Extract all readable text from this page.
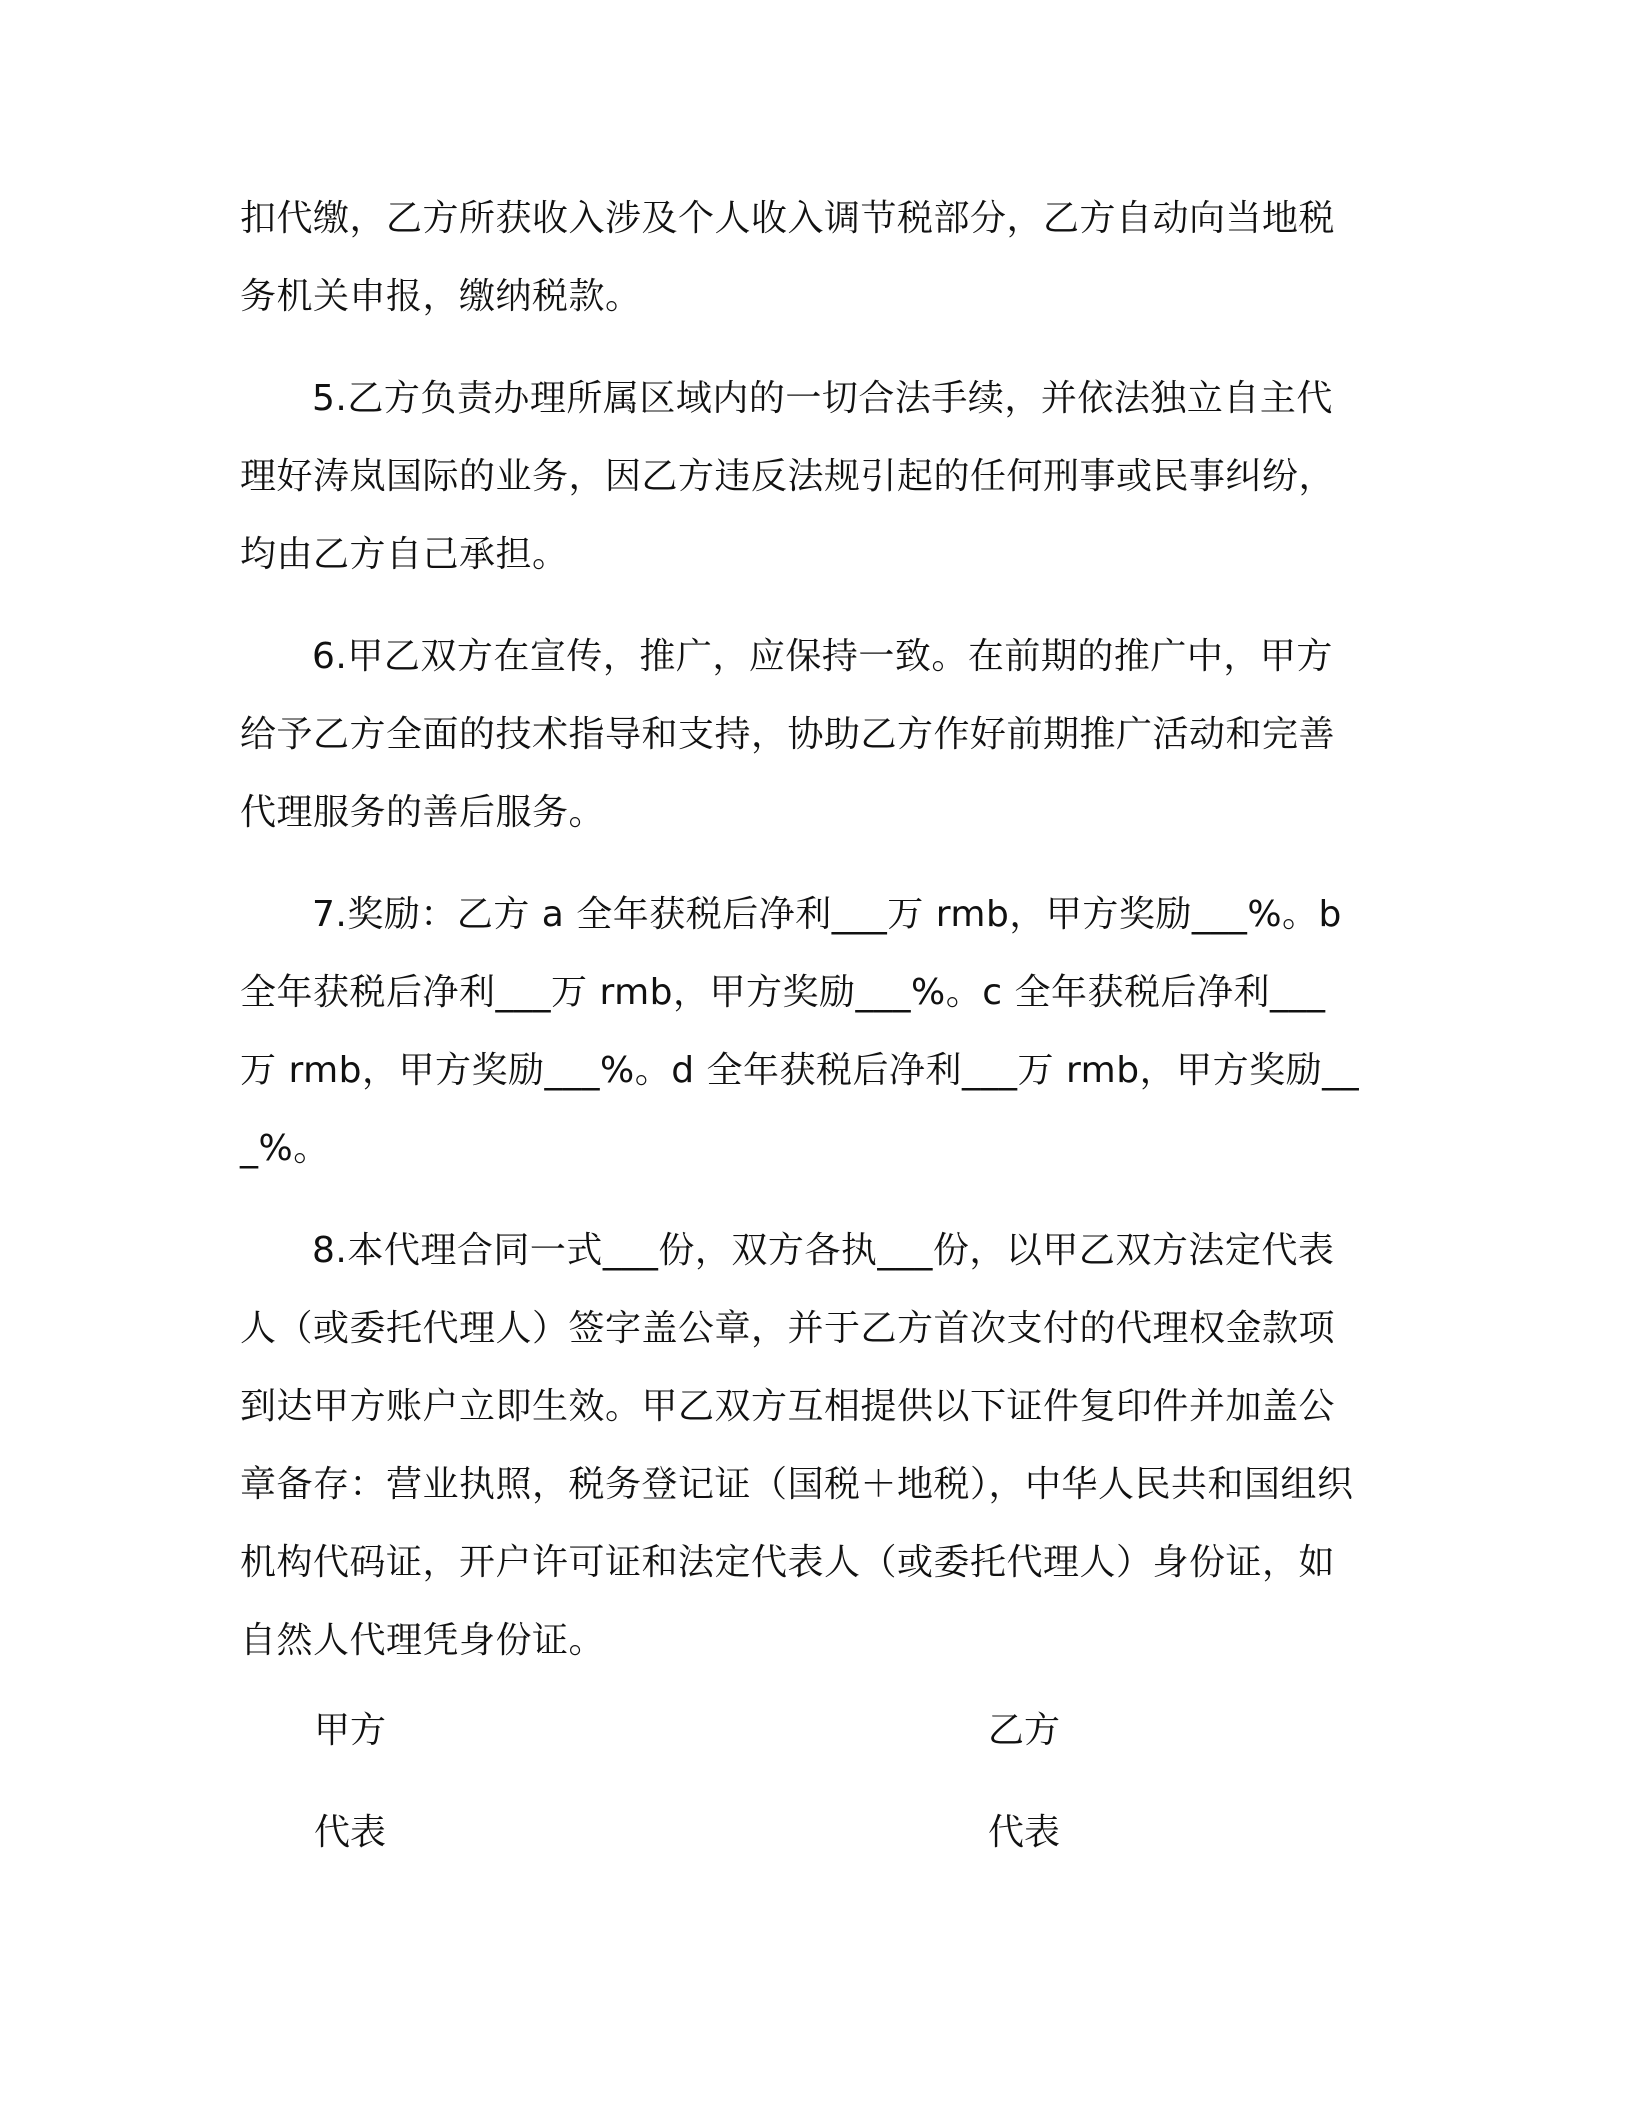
扣代缴，乙方所获收入涉及个人收入调节税部分，乙方自动向当地税务机关申报，缴纳税款。

5.乙方负责办理所属区域内的一切合法手续，并依法独立自主代理好涛岚国际的业务，因乙方违反法规引起的任何刑事或民事纠纷，均由乙方自己承担。

6.甲乙双方在宣传，推广，应保持一致。在前期的推广中，甲方给予乙方全面的技术指导和支持，协助乙方作好前期推广活动和完善代理服务的善后服务。

7.奖励：乙方 a 全年获税后净利___万 rmb，甲方奖励___%。b 全年获税后净利___万 rmb，甲方奖励___%。c 全年获税后净利___万 rmb，甲方奖励___%。d 全年获税后净利___万 rmb，甲方奖励___%。

8.本代理合同一式___份，双方各执___份，以甲乙双方法定代表人（或委托代理人）签字盖公章，并于乙方首次支付的代理权金款项到达甲方账户立即生效。甲乙双方互相提供以下证件复印件并加盖公章备存：营业执照，税务登记证（国税＋地税），中华人民共和国组织机构代码证，开户许可证和法定代表人（或委托代理人）身份证，如自然人代理凭身份证。

甲方	乙方
代表	代表
